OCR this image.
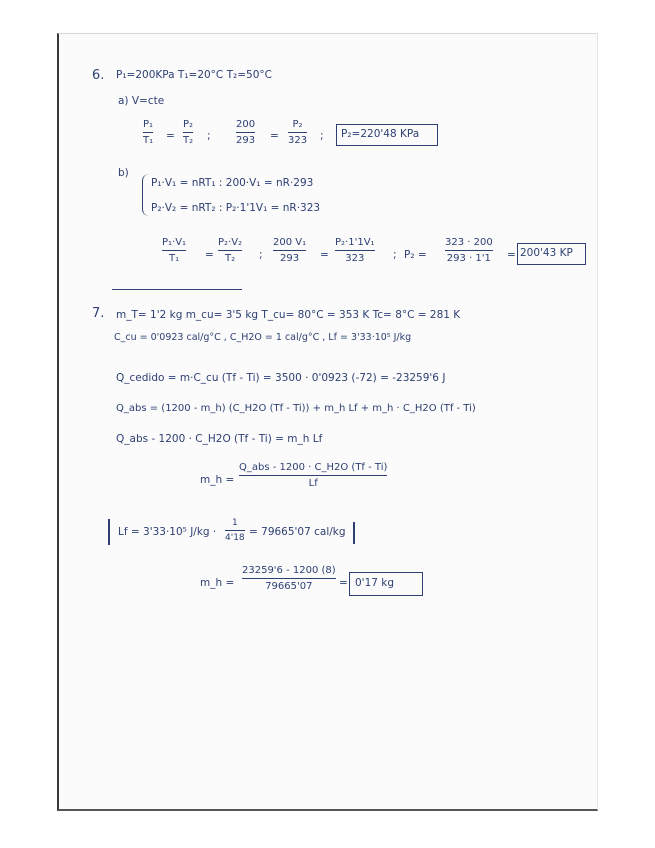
6. P₁=200KPa T₁=20°C T₂=50°C
a) V=cte
P₁
T₁ =
P₂
T₂ ;
200
293 =
P₂
323 ; P₂=220'48 KPa
b)
P₁·V₁ = nRT₁ : 200·V₁ = nR·293
P₂·V₂ = nRT₂ : P₂·1'1V₁ = nR·323
P₁·V₁
T₁ =
P₂·V₂
T₂ ;
200 V₁
293 =
P₂·1'1V₁
323	; P₂ =
323 · 200
293 · 1'1 = 200'43 KP
7. m_T= 1'2 kg m_cu= 3'5 kg T_cu= 80°C = 353 K Tc= 8°C = 281 K
C_cu = 0'0923 cal/g°C , C_H2O = 1 cal/g°C , Lf = 3'33·10⁵ J/kg
Q_cedido = m·C_cu (Tf - Ti) = 3500 · 0'0923 (-72) = -23259'6 J
Q_abs = (1200 - m_h) (C_H2O (Tf - Ti)) + m_h Lf + m_h · C_H2O (Tf - Ti)
Q_abs - 1200 · C_H2O (Tf - Ti) = m_h Lf
m_h =
Q_abs - 1200 · C_H2O (Tf - Ti)
Lf
Lf = 3'33·10⁵ J/kg ·
1
4'18 = 79665'07 cal/kg
m_h =
23259'6 - 1200 (8)
79665'07	= 0'17 kg
